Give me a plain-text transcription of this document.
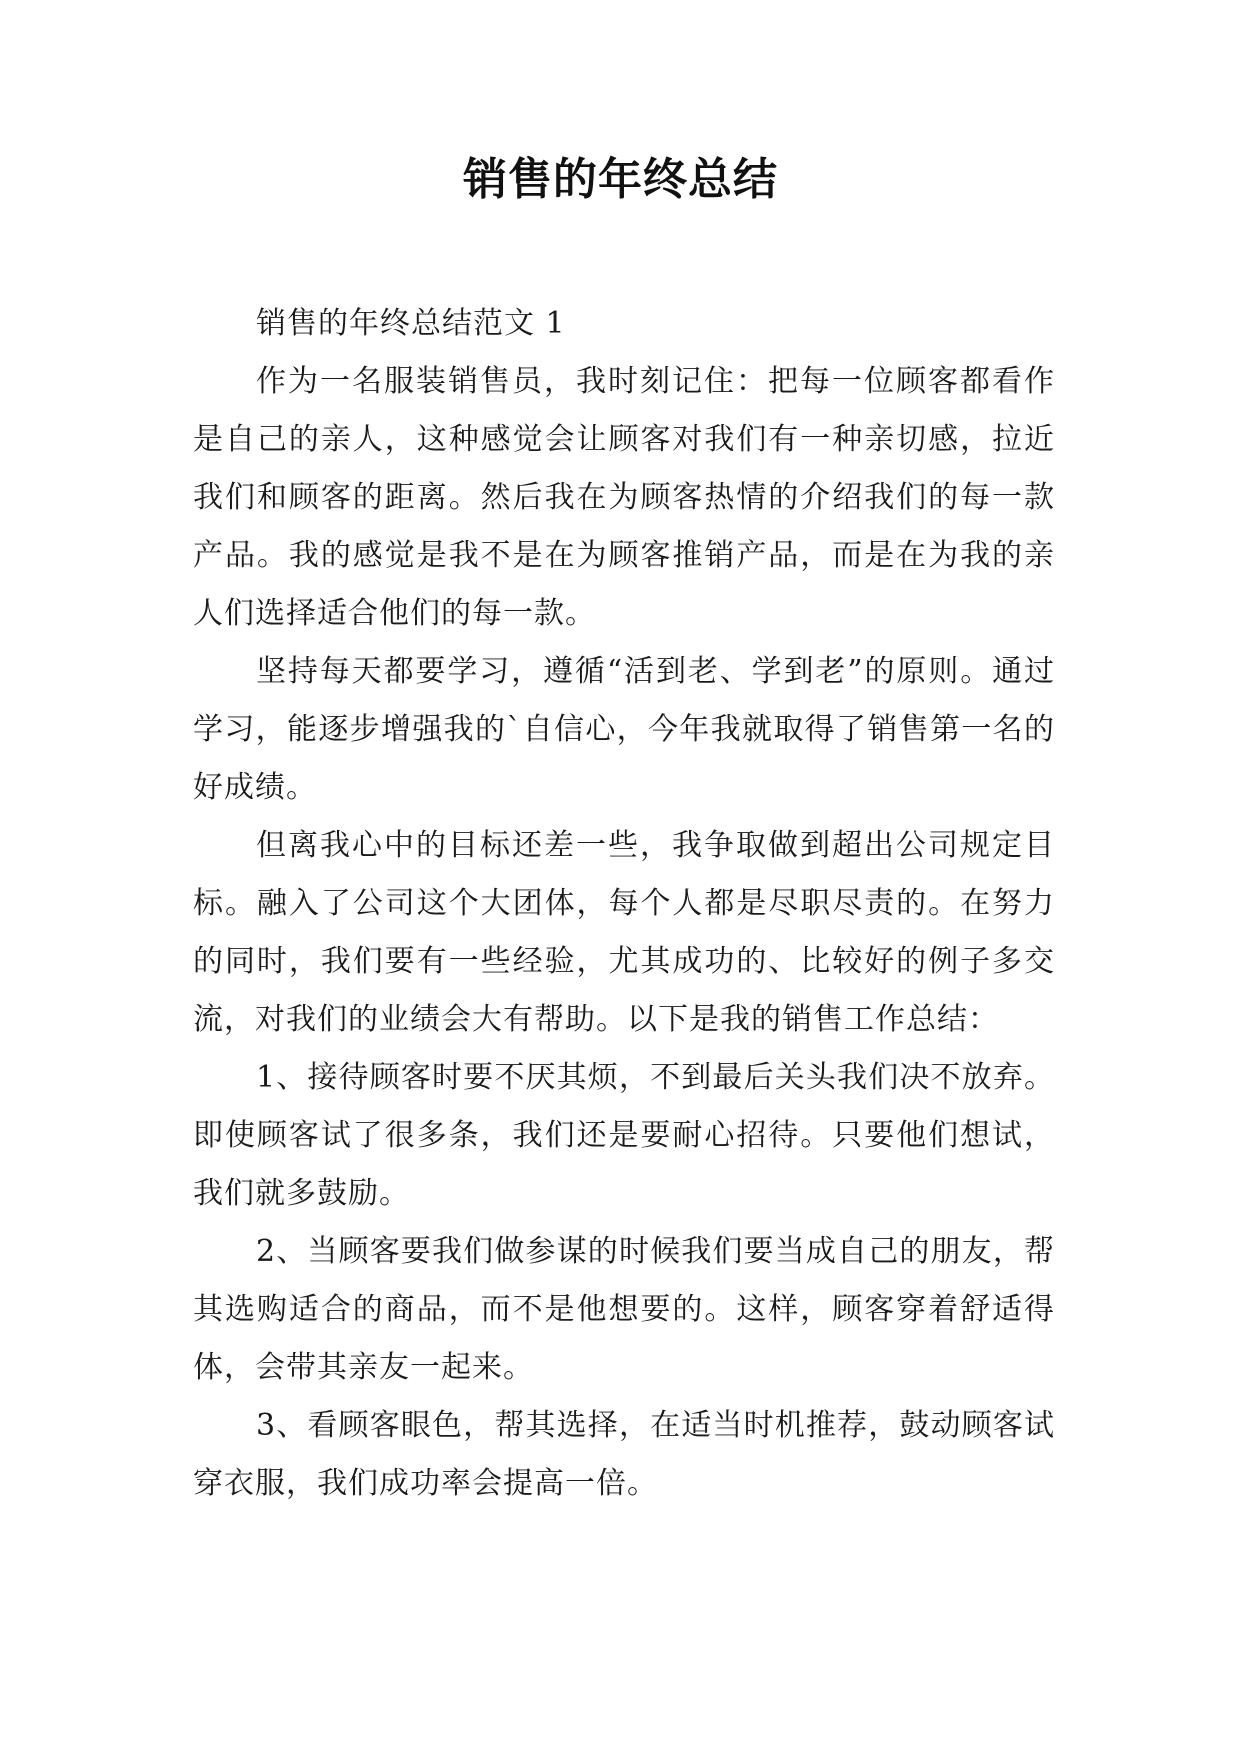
销售的年终总结

销售的年终总结范文 1

作为一名服装销售员，我时刻记住：把每一位顾客都看作是自己的亲人，这种感觉会让顾客对我们有一种亲切感，拉近我们和顾客的距离。然后我在为顾客热情的介绍我们的每一款产品。我的感觉是我不是在为顾客推销产品，而是在为我的亲人们选择适合他们的每一款。

坚持每天都要学习，遵循“活到老、学到老”的原则。通过学习，能逐步增强我的`自信心，今年我就取得了销售第一名的好成绩。

但离我心中的目标还差一些，我争取做到超出公司规定目标。融入了公司这个大团体，每个人都是尽职尽责的。在努力的同时，我们要有一些经验，尤其成功的、比较好的例子多交流，对我们的业绩会大有帮助。以下是我的销售工作总结：

1、接待顾客时要不厌其烦，不到最后关头我们决不放弃。即使顾客试了很多条，我们还是要耐心招待。只要他们想试，我们就多鼓励。

2、当顾客要我们做参谋的时候我们要当成自己的朋友，帮其选购适合的商品，而不是他想要的。这样，顾客穿着舒适得体，会带其亲友一起来。

3、看顾客眼色，帮其选择，在适当时机推荐，鼓动顾客试穿衣服，我们成功率会提高一倍。
